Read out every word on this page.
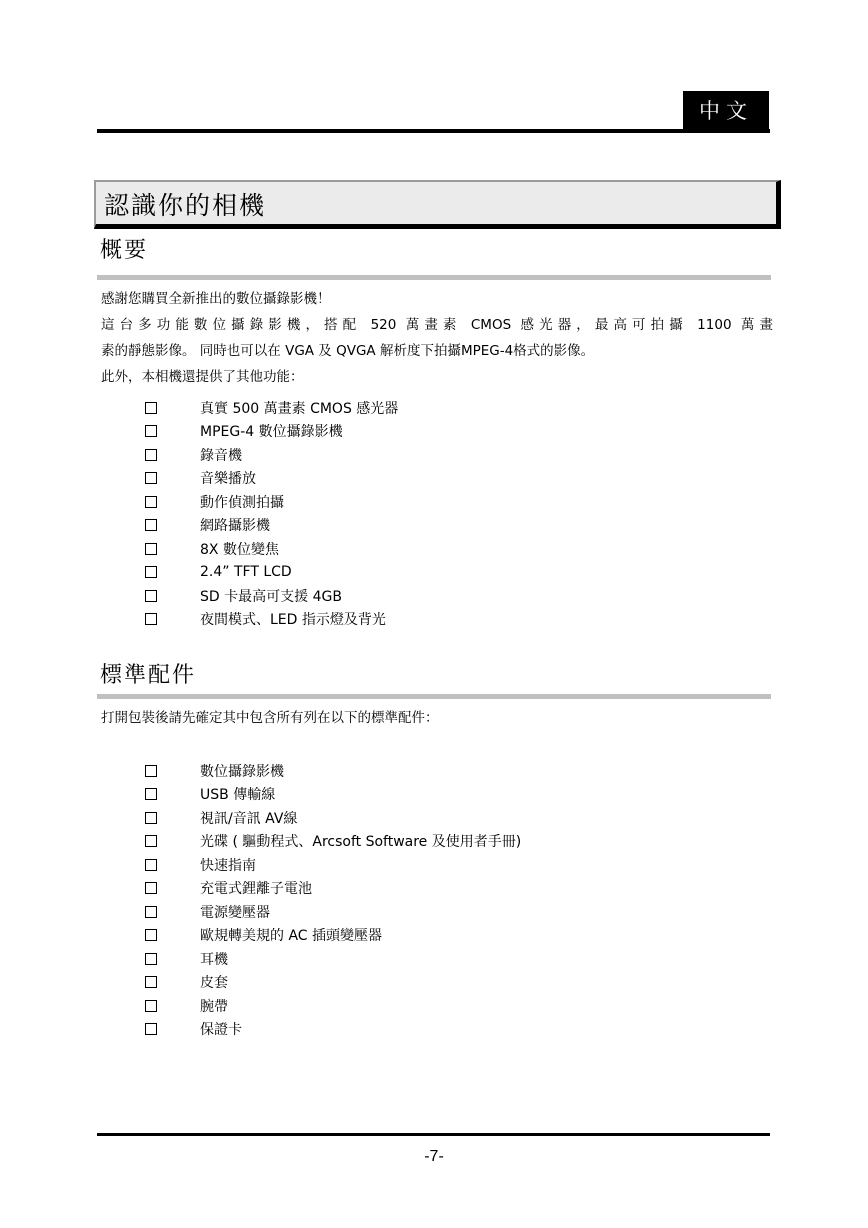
中文
認識你的相機
概要
感謝您購買全新推出的數位攝錄影機！
這台多功能數位攝錄影機，搭配 520 萬畫素 CMOS 感光器，最高可拍攝 1100 萬畫
素的靜態影像。 同時也可以在 VGA 及 QVGA 解析度下拍攝MPEG-4格式的影像。
此外，本相機還提供了其他功能：
真實 500 萬畫素 CMOS 感光器
MPEG-4 數位攝錄影機
錄音機
音樂播放
動作偵測拍攝
網路攝影機
8X 數位變焦
2.4” TFT LCD
SD 卡最高可支援 4GB
夜間模式、LED 指示燈及背光
標準配件
打開包裝後請先確定其中包含所有列在以下的標準配件：
數位攝錄影機
USB 傳輸線
視訊/音訊 AV線
光碟 ( 驅動程式、Arcsoft Software 及使用者手冊)
快速指南
充電式鋰離子電池
電源變壓器
歐規轉美規的 AC 插頭變壓器
耳機
皮套
腕帶
保證卡
-7-
